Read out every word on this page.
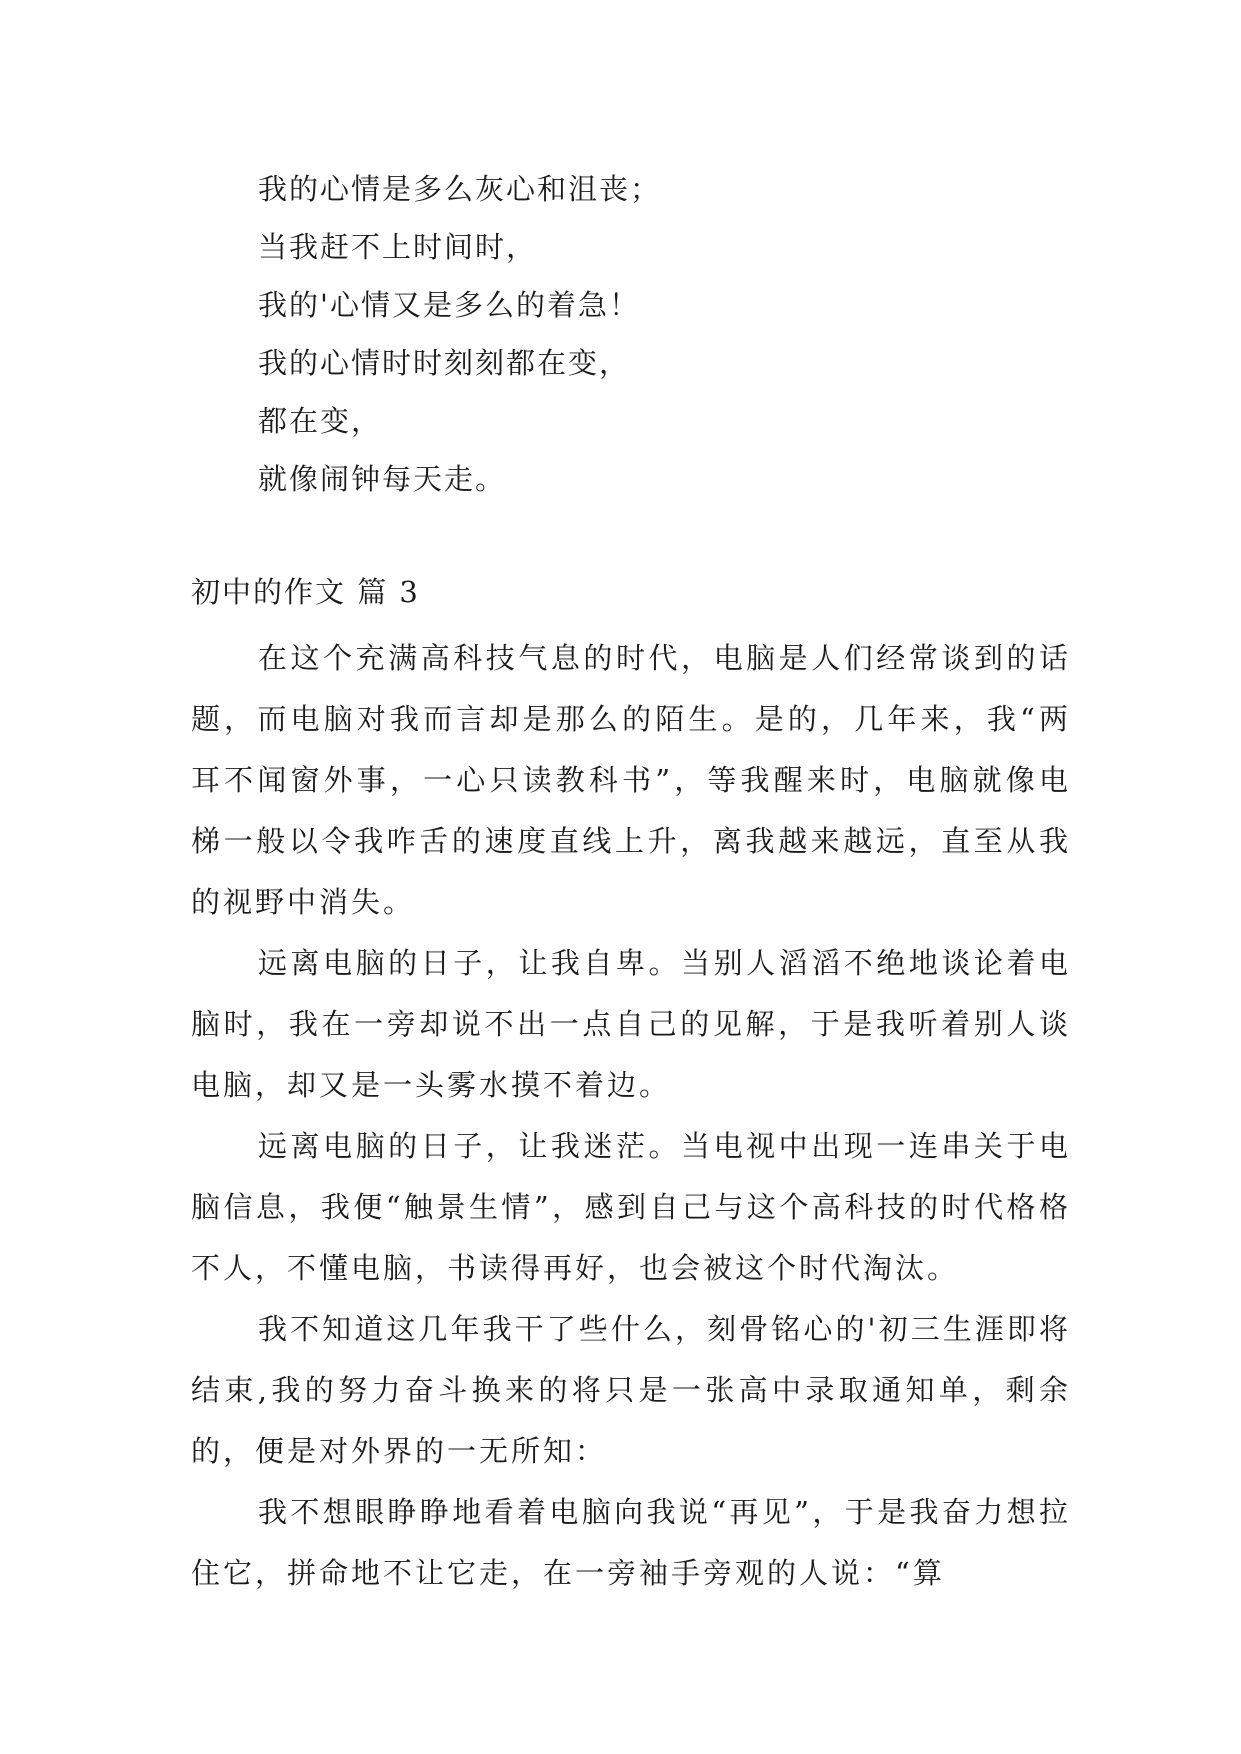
我的心情是多么灰心和沮丧；
当我赶不上时间时，
我的'心情又是多么的着急！
我的心情时时刻刻都在变，
都在变，
就像闹钟每天走。
初中的作文 篇 3

在这个充满高科技气息的时代，电脑是人们经常谈到的话题，而电脑对我而言却是那么的陌生。是的，几年来，我“两耳不闻窗外事，一心只读教科书”，等我醒来时，电脑就像电梯一般以令我咋舌的速度直线上升，离我越来越远，直至从我的视野中消失。

远离电脑的日子，让我自卑。当别人滔滔不绝地谈论着电脑时，我在一旁却说不出一点自己的见解，于是我听着别人谈电脑，却又是一头雾水摸不着边。

远离电脑的日子，让我迷茫。当电视中出现一连串关于电脑信息，我便“触景生情”，感到自己与这个高科技的时代格格不人，不懂电脑，书读得再好，也会被这个时代淘汰。

我不知道这几年我干了些什么，刻骨铭心的'初三生涯即将结束,我的努力奋斗换来的将只是一张高中录取通知单，剩余的，便是对外界的一无所知：

我不想眼睁睁地看着电脑向我说“再见”，于是我奋力想拉住它，拼命地不让它走，在一旁袖手旁观的人说：“算
